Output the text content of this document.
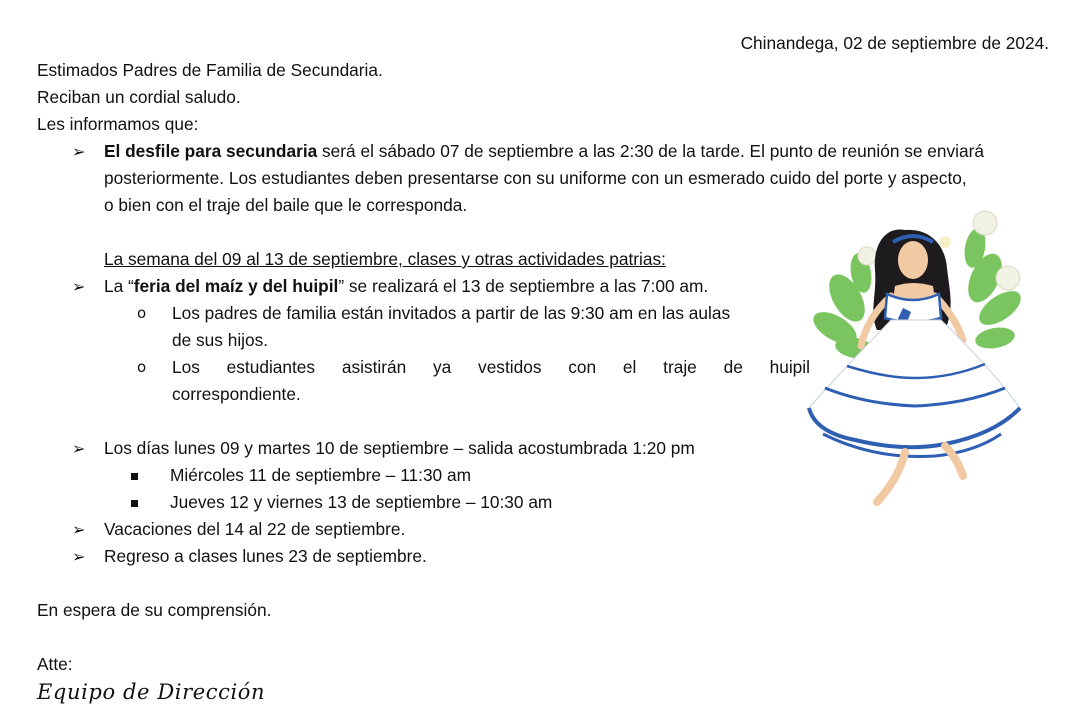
Chinandega, 02 de septiembre de 2024.
Estimados Padres de Familia de Secundaria.
Reciban un cordial saludo.
Les informamos que:
➢ El desfile para secundaria será el sábado 07 de septiembre a las 2:30 de la tarde. El punto de reunión se enviará
posteriormente. Los estudiantes deben presentarse con su uniforme con un esmerado cuido del porte y aspecto,
o bien con el traje del baile que le corresponda.
La semana del 09 al 13 de septiembre, clases y otras actividades patrias:
➢ La “feria del maíz y del huipil” se realizará el 13 de septiembre a las 7:00 am.
o Los padres de familia están invitados a partir de las 9:30 am en las aulas
de sus hijos.
o Los estudiantes asistirán ya vestidos con el traje de huipil
correspondiente.
➢ Los días lunes 09 y martes 10 de septiembre – salida acostumbrada 1:20 pm
Miércoles 11 de septiembre – 11:30 am
Jueves 12 y viernes 13 de septiembre – 10:30 am
➢ Vacaciones del 14 al 22 de septiembre.
➢ Regreso a clases lunes 23 de septiembre.
En espera de su comprensión.
Atte:
Equipo de Dirección
